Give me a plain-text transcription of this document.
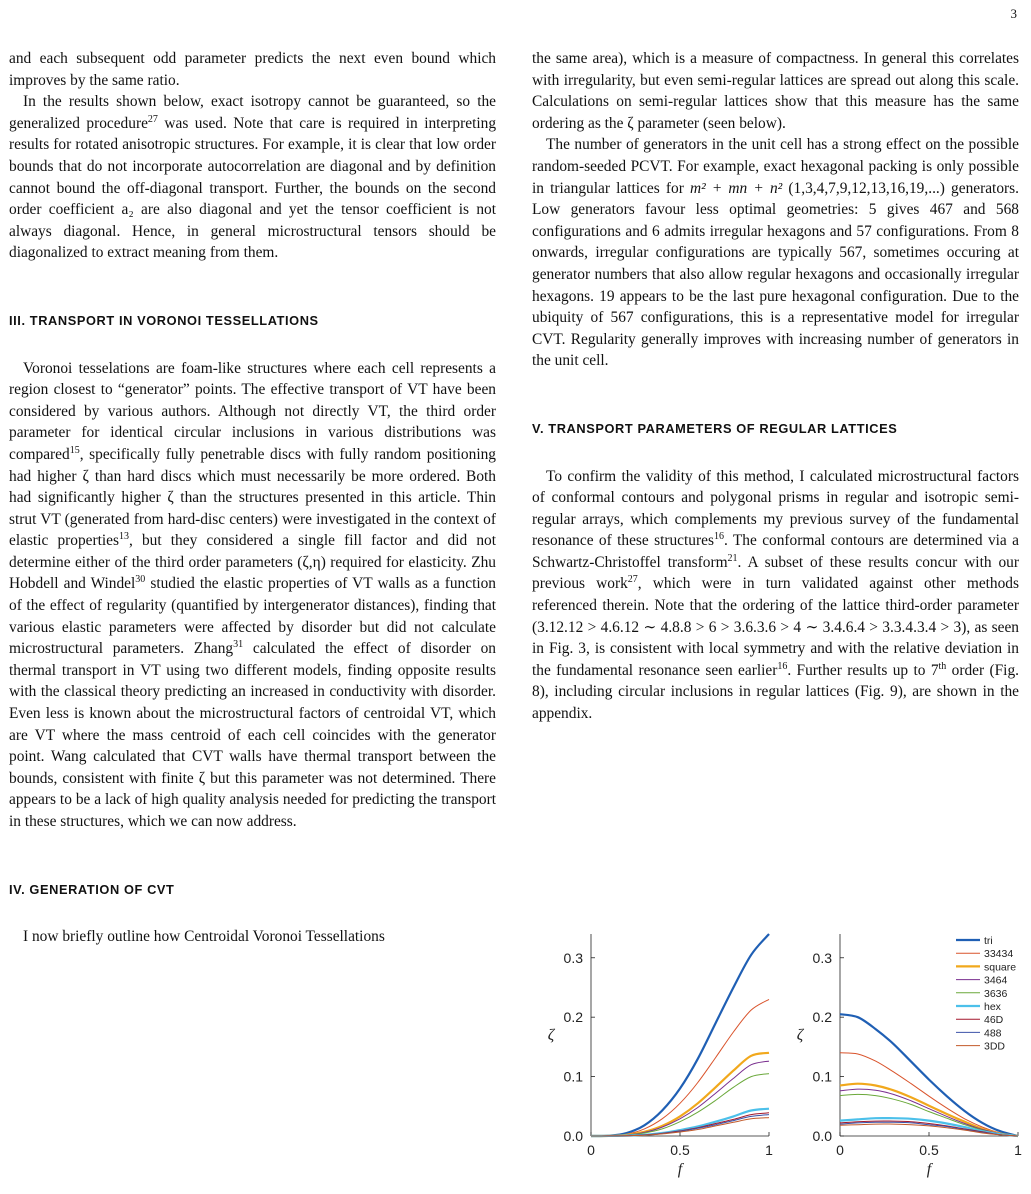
3

and each subsequent odd parameter predicts the next even bound which improves by the same ratio.

In the results shown below, exact isotropy cannot be guaranteed, so the generalized procedure$^{27}$ was used. Note that care is required in interpreting results for rotated anisotropic structures. For example, it is clear that low order bounds that do not incorporate autocorrelation are diagonal and by definition cannot bound the off-diagonal transport. Further, the bounds on the second order coefficient a₂ are also diagonal and yet the tensor coefficient is not always diagonal. Hence, in general microstructural tensors should be diagonalized to extract meaning from them.

III. TRANSPORT IN VORONOI TESSELLATIONS

Voronoi tesselations are foam-like structures where each cell represents a region closest to “generator” points. The effective transport of VT have been considered by various authors. Although not directly VT, the third order parameter for identical circular inclusions in various distributions was compared$^{15}$, specifically fully penetrable discs with fully random positioning had higher ζ than hard discs which must necessarily be more ordered. Both had significantly higher ζ than the structures presented in this article. Thin strut VT (generated from hard-disc centers) were investigated in the context of elastic properties$^{13}$, but they considered a single fill factor and did not determine either of the third order parameters (ζ,η) required for elasticity. Zhu Hobdell and Windel$^{30}$ studied the elastic properties of VT walls as a function of the effect of regularity (quantified by intergenerator distances), finding that various elastic parameters were affected by disorder but did not calculate microstructural parameters. Zhang$^{31}$ calculated the effect of disorder on thermal transport in VT using two different models, finding opposite results with the classical theory predicting an increased in conductivity with disorder. Even less is known about the microstructural factors of centroidal VT, which are VT where the mass centroid of each cell coincides with the generator point. Wang calculated that CVT walls have thermal transport between the bounds, consistent with finite ζ but this parameter was not determined. There appears to be a lack of high quality analysis needed for predicting the transport in these structures, which we can now address.

IV. GENERATION OF CVT

I now briefly outline how Centroidal Voronoi Tessellations

the same area), which is a measure of compactness. In general this correlates with irregularity, but even semi-regular lattices are spread out along this scale. Calculations on semi-regular lattices show that this measure has the same ordering as the ζ parameter (seen below).

The number of generators in the unit cell has a strong effect on the possible random-seeded PCVT. For example, exact hexagonal packing is only possible in triangular lattices for m² + mn + n² (1,3,4,7,9,12,13,16,19,...) generators. Low generators favour less optimal geometries: 5 gives 467 and 568 configurations and 6 admits irregular hexagons and 57 configurations. From 8 onwards, irregular configurations are typically 567, sometimes occuring at generator numbers that also allow regular hexagons and occasionally irregular hexagons. 19 appears to be the last pure hexagonal configuration. Due to the ubiquity of 567 configurations, this is a representative model for irregular CVT. Regularity generally improves with increasing number of generators in the unit cell.

V. TRANSPORT PARAMETERS OF REGULAR LATTICES

To confirm the validity of this method, I calculated microstructural factors of conformal contours and polygonal prisms in regular and isotropic semi-regular arrays, which complements my previous survey of the fundamental resonance of these structures$^{16}$. The conformal contours are determined via a Schwartz-Christoffel transform$^{21}$. A subset of these results concur with our previous work$^{27}$, which were in turn validated against other methods referenced therein. Note that the ordering of the lattice third-order parameter (3.12.12 > 4.6.12 ∼ 4.8.8 > 6 > 3.6.3.6 > 4 ∼ 3.4.6.4 > 3.3.4.3.4 > 3), as seen in Fig. 3, is consistent with local symmetry and with the relative deviation in the fundamental resonance seen earlier$^{16}$. Further results up to 7th order (Fig. 8), including circular inclusions in regular lattices (Fig. 9), are shown in the appendix.

0.0
0.1
0.2
0.3
0	0.5	1
ζ
f
0.0
0.1
0.2
0.3
0	0.5	1
ζ
f
tri
33434
square
3464
3636
hex
46D
488
3DD
